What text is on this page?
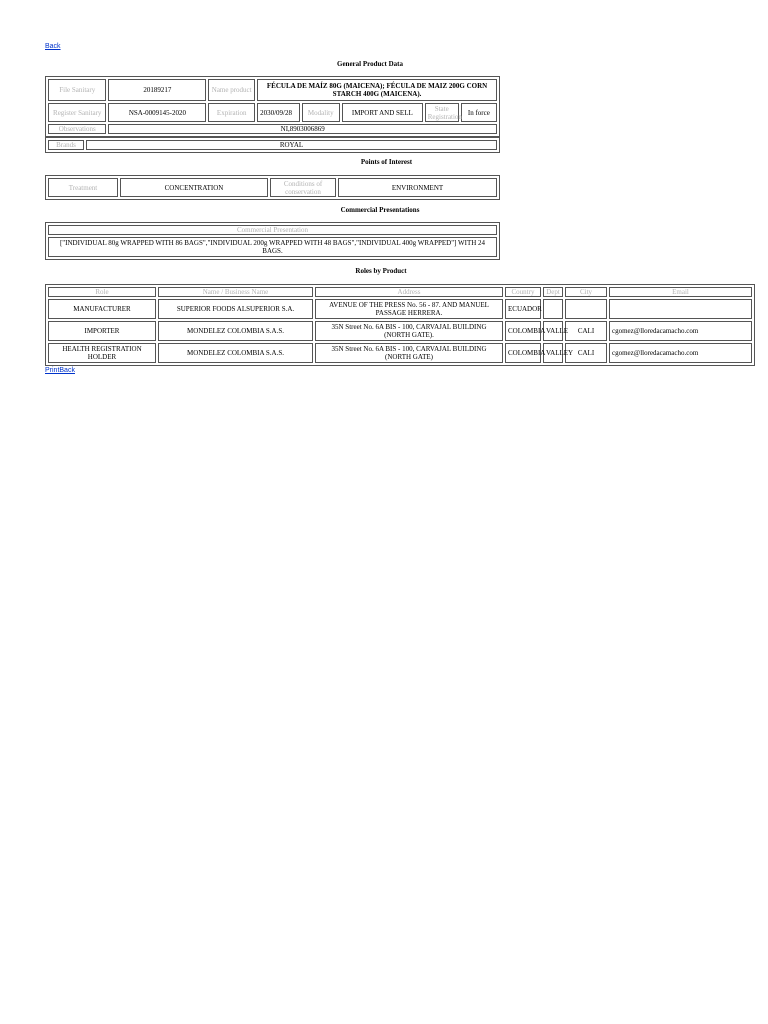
Back
General Product Data
File Sanitary	20189217	Name product	FÉCULA DE MAÍZ 80G (MAICENA); FÉCULA DE MAIZ 200G CORN STARCH 400G (MAICENA).				
Register Sanitary	NSA-0009145-2020	Expiration	2030/09/28	Modality	IMPORT AND SELL	State Registration	In force
Observations	NI,8903006869						
Brands	ROYAL
Points of Interest
Treatment	CONCENTRATION	Conditions of conservation	ENVIRONMENT
Commercial Presentations
Commercial Presentation
["INDIVIDUAL 80g WRAPPED WITH 86 BAGS","INDIVIDUAL 200g WRAPPED WITH 48 BAGS","INDIVIDUAL 400g WRAPPED"] WITH 24 BAGS.
Roles by Product
Role	Name / Business Name	Address	Country	Dept	City	Email
MANUFACTURER	SUPERIOR FOODS ALSUPERIOR S.A.	AVENUE OF THE PRESS No. 56 - 87. AND MANUEL PASSAGE HERRERA.	ECUADOR			
IMPORTER	MONDELEZ COLOMBIA S.A.S.	35N Street No. 6A BIS - 100, CARVAJAL BUILDING (NORTH GATE).	COLOMBIA	VALLE	CALI	cgomez@lloredacamacho.com
HEALTH REGISTRATION HOLDER	MONDELEZ COLOMBIA S.A.S.	35N Street No. 6A BIS - 100, CARVAJAL BUILDING (NORTH GATE)	COLOMBIA	VALLEY	CALI	cgomez@lloredacamacho.com
PrintBack
